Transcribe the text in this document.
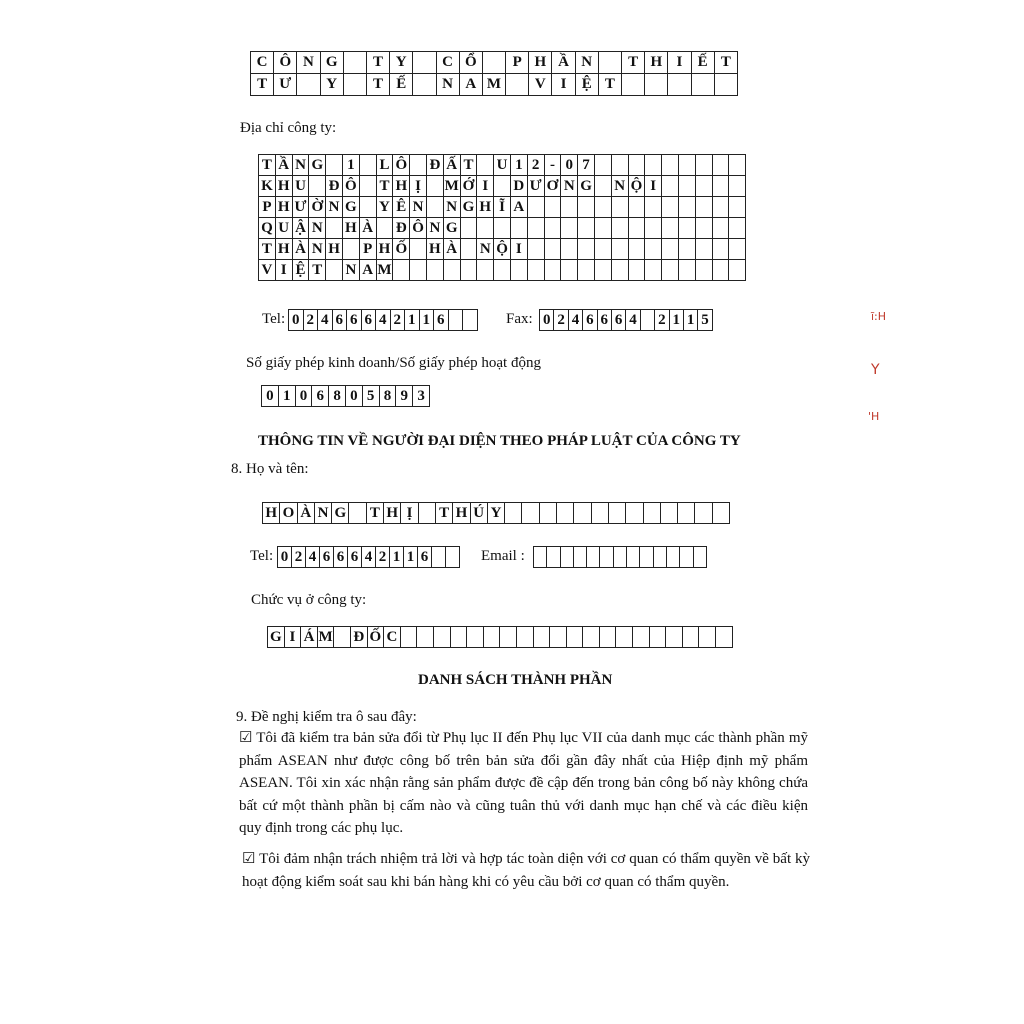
C Ô N G	T Y	C Ổ	P H Ầ N	T H I	Ế T
T Ư	Y	T Ế	N A M	V I	Ệ T
Địa chỉ công ty:
T Ầ N G	1	L Ô Đ Ấ T U 1 2 - 0 7
K H U Đ Ô T H Ị	M Ớ I	D Ư Ơ N G N Ộ I
P H Ư Ờ N G Y Ê N N G H Ĩ A
Q U Ậ N H À Đ Ô N G
T H À N H P H Ố H À N Ộ I
V I Ệ T N A M
Tel: 0 2 4 6 6 6 4 2 1 1 6	Fax: 0 2 4 6 6 6 4 2 1 1 5
Số giấy phép kinh doanh/Số giấy phép hoạt động
0 1 0 6 8 0 5 8 9 3
THÔNG TIN VỀ NGƯỜI ĐẠI DIỆN THEO PHÁP LUẬT CỦA CÔNG TY
8. Họ và tên:
H O À N G T H Ị	T H Ú Y
Tel: 0 2 4 6 6 6 4 2 1 1 6	Email :
Chức vụ ở công ty:
G I Á M Đ Ố C
DANH SÁCH THÀNH PHẦN
9. Đề nghị kiểm tra ô sau đây:
☑ Tôi đã kiểm tra bản sửa đổi từ Phụ lục II đến Phụ lục VII của danh mục các thành phần mỹ phẩm ASEAN như được công bố trên bản sửa đổi gần đây nhất của Hiệp định mỹ phẩm ASEAN. Tôi xin xác nhận rằng sản phẩm được đề cập đến trong bản công bố này không chứa bất cứ một thành phần bị cấm nào và cũng tuân thủ với danh mục hạn chế và các điều kiện quy định trong các phụ lục.
☑ Tôi đảm nhận trách nhiệm trả lời và hợp tác toàn diện với cơ quan có thẩm quyền về bất kỳ hoạt động kiểm soát sau khi bán hàng khi có yêu cầu bởi cơ quan có thẩm quyền.
ĩ:H
Y
'H
